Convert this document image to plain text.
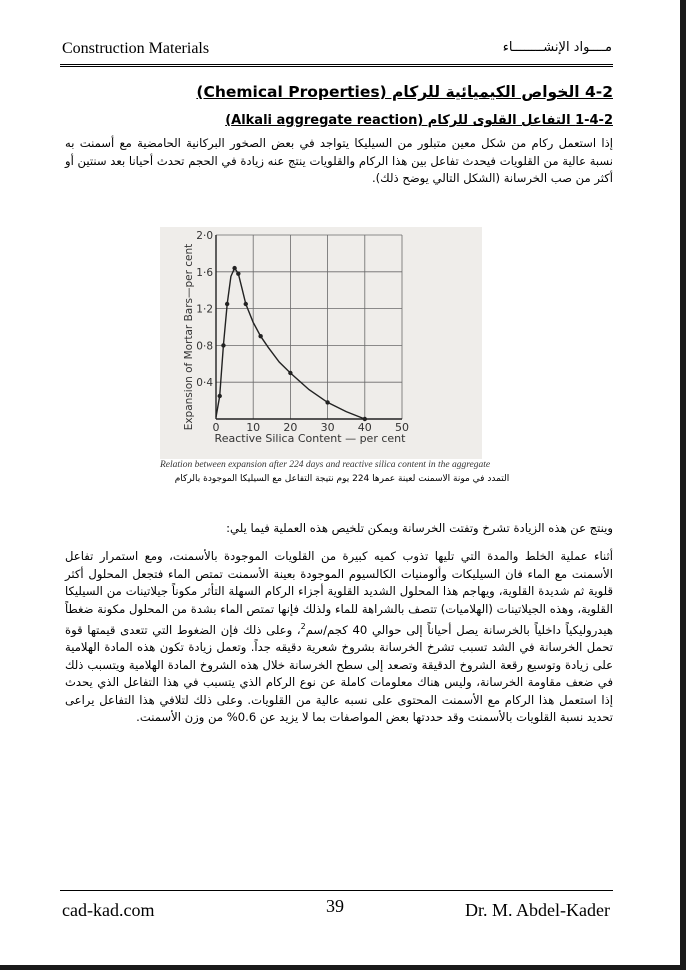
Construction Materials	مــــواد الإنشــــــــاء
4-2 الخواص الكيميائية للركام (Chemical Properties)
1-4-2 التفاعل القلوى للركام (Alkali aggregate reaction)
إذا استعمل ركام من شكل معين متبلور من السيليكا يتواجد في بعض الصخور البركانية الحامضية مع أسمنت به نسبة عالية من القلويات فيحدث تفاعل بين هذا الركام والقلويات ينتج عنه زيادة في الحجم تحدث أحيانا بعد سنتين أو أكثر من صب الخرسانة (الشكل التالي يوضح ذلك).
0 10 20 30 40 50
0·4
0·8
1·2
1·6
2·0
Expansion of Mortar Bars—per cent
Reactive Silica Content — per cent
Relation between expansion after 224 days and reactive silica content in the aggregate
التمدد في مونة الاسمنت لعينة عمرها 224 يوم نتيجة التفاعل مع السيليكا الموجودة بالركام
وينتج عن هذه الزيادة تشرخ وتفتت الخرسانة ويمكن تلخيص هذه العملية فيما يلي:
أثناء عملية الخلط والمدة التي تليها تذوب كميه كبيرة من القلويات الموجودة بالأسمنت، ومع استمرار تفاعل الأسمنت مع الماء فان السيليكات وألومنيات الكالسيوم الموجودة بعينة الأسمنت تمتص الماء فتجعل المحلول أكثر قلوية ثم شديدة القلوية، ويهاجم هذا المحلول الشديد القلوية أجزاء الركام السهلة التأثر مكوناً جيلاتينات من السيليكا القلوية، وهذه الجيلاتينات (الهلاميات) تتصف بالشراهة للماء ولذلك فإنها تمتص الماء بشدة من المحلول مكونة ضغطاً هيدروليكياً داخلياً بالخرسانة يصل أحياناً إلى حوالي 40 كجم/سم$^2$، وعلى ذلك فإن الضغوط التي تتعدى قيمتها قوة تحمل الخرسانة في الشد تسبب تشرخ الخرسانة بشروخ شعرية دقيقه جداً. وتعمل زيادة تكون هذه المادة الهلامية على زيادة وتوسيع رقعة الشروخ الدقيقة وتصعد إلى سطح الخرسانة خلال هذه الشروخ المادة الهلامية ويتسبب ذلك في ضعف مقاومة الخرسانة، وليس هناك معلومات كاملة عن نوع الركام الذي يتسبب في هذا التفاعل الذي يحدث إذا استعمل هذا الركام مع الأسمنت المحتوى على نسبه عالية من القلويات. وعلى ذلك لتلافي هذا التفاعل يراعى تحديد نسبة القلويات بالأسمنت وقد حددتها بعض المواصفات بما لا يزيد عن 0.6% من وزن الأسمنت.
cad-kad.com	39	Dr. M. Abdel-Kader
